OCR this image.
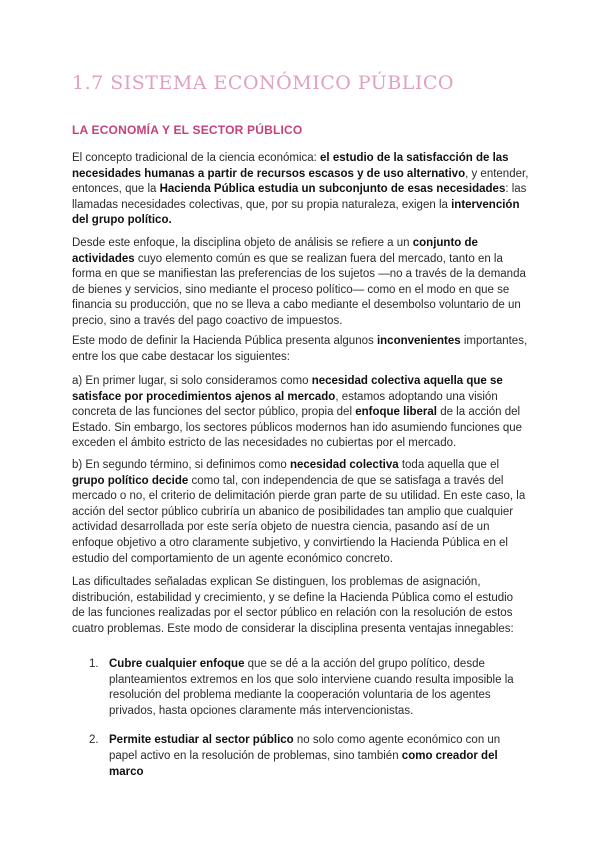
1.7 SISTEMA ECONÓMICO PÚBLICO
LA ECONOMÍA Y EL SECTOR PÚBLICO

El concepto tradicional de la ciencia económica: el estudio de la satisfacción de las necesidades humanas a partir de recursos escasos y de uso alternativo, y entender, entonces, que la Hacienda Pública estudia un subconjunto de esas necesidades: las llamadas necesidades colectivas, que, por su propia naturaleza, exigen la intervención del grupo político.

Desde este enfoque, la disciplina objeto de análisis se refiere a un conjunto de actividades cuyo elemento común es que se realizan fuera del mercado, tanto en la forma en que se manifiestan las preferencias de los sujetos —no a través de la demanda de bienes y servicios, sino mediante el proceso político— como en el modo en que se financia su producción, que no se lleva a cabo mediante el desembolso voluntario de un precio, sino a través del pago coactivo de impuestos.

Este modo de definir la Hacienda Pública presenta algunos inconvenientes importantes, entre los que cabe destacar los siguientes:

a) En primer lugar, si solo consideramos como necesidad colectiva aquella que se satisface por procedimientos ajenos al mercado, estamos adoptando una visión concreta de las funciones del sector público, propia del enfoque liberal de la acción del Estado. Sin embargo, los sectores públicos modernos han ido asumiendo funciones que exceden el ámbito estricto de las necesidades no cubiertas por el mercado.

b) En segundo término, si definimos como necesidad colectiva toda aquella que el grupo político decide como tal, con independencia de que se satisfaga a través del mercado o no, el criterio de delimitación pierde gran parte de su utilidad. En este caso, la acción del sector público cubriría un abanico de posibilidades tan amplio que cualquier actividad desarrollada por este sería objeto de nuestra ciencia, pasando así de un enfoque objetivo a otro claramente subjetivo, y convirtiendo la Hacienda Pública en el estudio del comportamiento de un agente económico concreto.

Las dificultades señaladas explican Se distinguen, los problemas de asignación, distribución, estabilidad y crecimiento, y se define la Hacienda Pública como el estudio de las funciones realizadas por el sector público en relación con la resolución de estos cuatro problemas. Este modo de considerar la disciplina presenta ventajas innegables:

1. Cubre cualquier enfoque que se dé a la acción del grupo político, desde planteamientos extremos en los que solo interviene cuando resulta imposible la resolución del problema mediante la cooperación voluntaria de los agentes privados, hasta opciones claramente más intervencionistas.
2. Permite estudiar al sector público no solo como agente económico con un papel activo en la resolución de problemas, sino también como creador del marco
